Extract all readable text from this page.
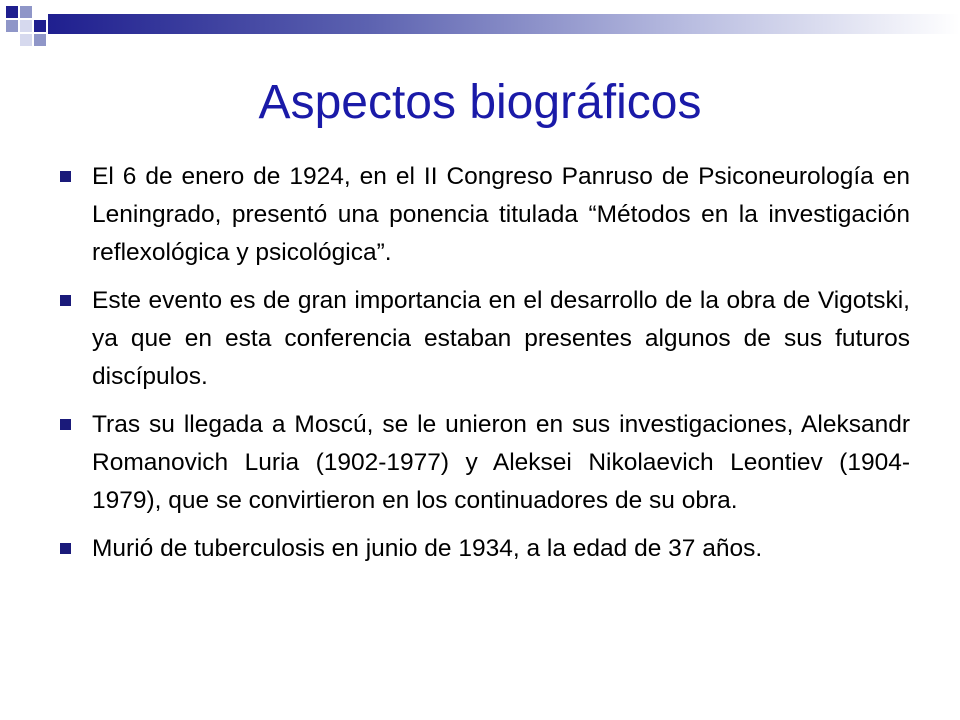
Aspectos biográficos
El 6 de enero de 1924, en el II Congreso Panruso de Psiconeurología en Leningrado, presentó una ponencia titulada “Métodos en la investigación reflexológica y psicológica”.
Este evento es de gran importancia en el desarrollo de la obra de Vigotski, ya que en esta conferencia estaban presentes algunos de sus futuros discípulos.
Tras su llegada a Moscú, se le unieron en sus investigaciones, Aleksandr Romanovich Luria (1902-1977) y Aleksei Nikolaevich Leontiev (1904-1979), que se convirtieron en los continuadores de su obra.
Murió de tuberculosis en junio de 1934, a la edad de 37 años.
